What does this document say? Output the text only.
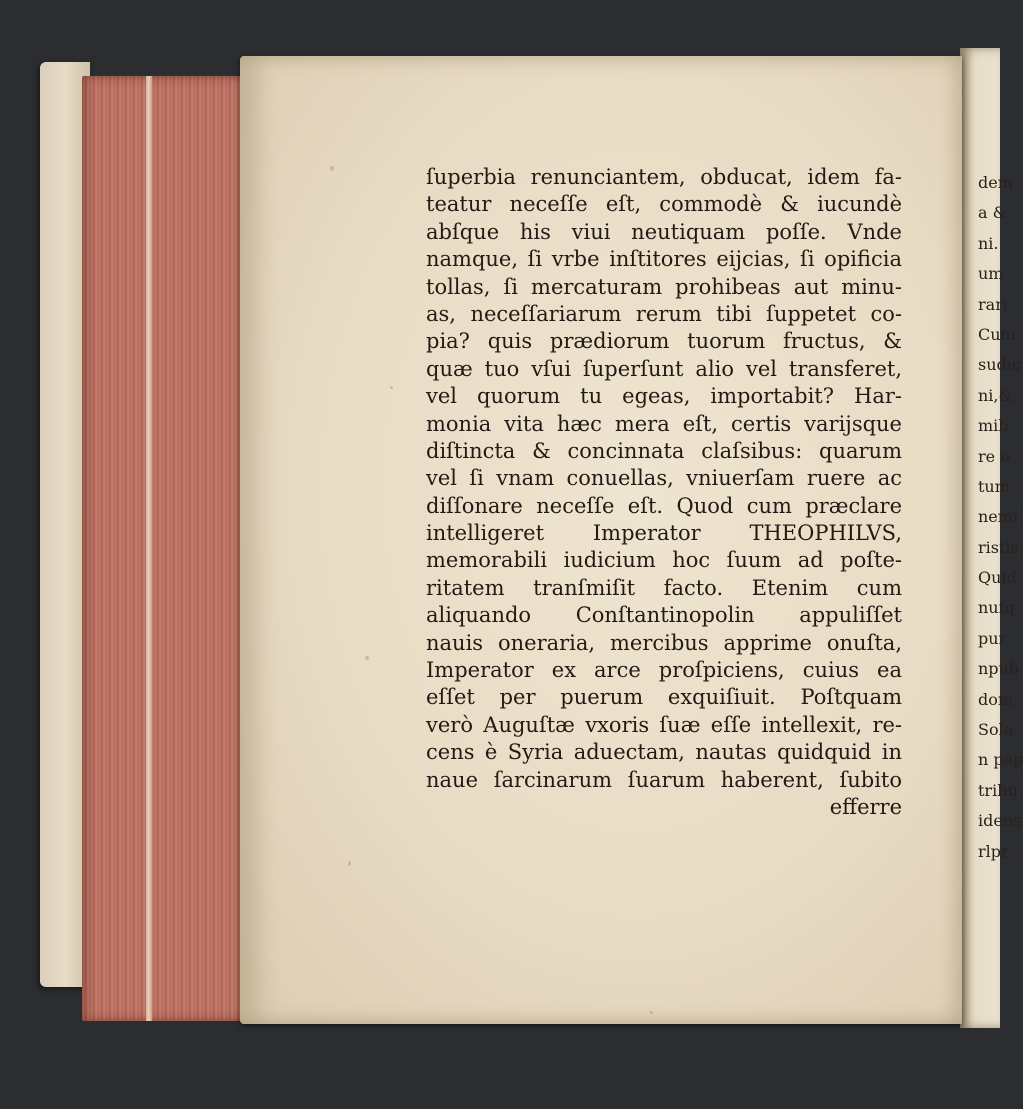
dem
a &
ni.
um
rari
Cum
sudic
ni,&
mib
re o
tum
nemi
ristis
Quid
nuſq
pur
npub
dom
Sola
n pap
tribu
idens
rlpr
ſuperbia renunciantem, obducat, idem fa-
teatur neceſſe eſt, commodè & iucundè
abſque his viui neutiquam poſſe. Vnde
namque, ſi vrbe inſtitores eijcias, ſi opificia
tollas, ſi mercaturam prohibeas aut minu-
as, neceſſariarum rerum tibi ſuppetet co-
pia? quis prædiorum tuorum fructus, &
quæ tuo vſui ſuperſunt alio vel transferet,
vel quorum tu egeas, importabit? Har-
monia vita hæc mera eſt, certis varijsque
diſtincta & concinnata claſsibus: quarum
vel ſi vnam conuellas, vniuerſam ruere ac
diſſonare neceſſe eſt. Quod cum præclare
intelligeret Imperator THEOPHILVS,
memorabili iudicium hoc ſuum ad poſte-
ritatem tranſmiſit facto. Etenim cum
aliquando Conſtantinopolin appuliſſet
nauis oneraria, mercibus apprime onuſta,
Imperator ex arce proſpiciens, cuius ea
eſſet per puerum exquiſiuit. Poſtquam
verò Auguſtæ vxoris ſuæ eſſe intellexit, re-
cens è Syria aduectam, nautas quidquid in
naue ſarcinarum ſuarum haberent, ſubito
efferre
